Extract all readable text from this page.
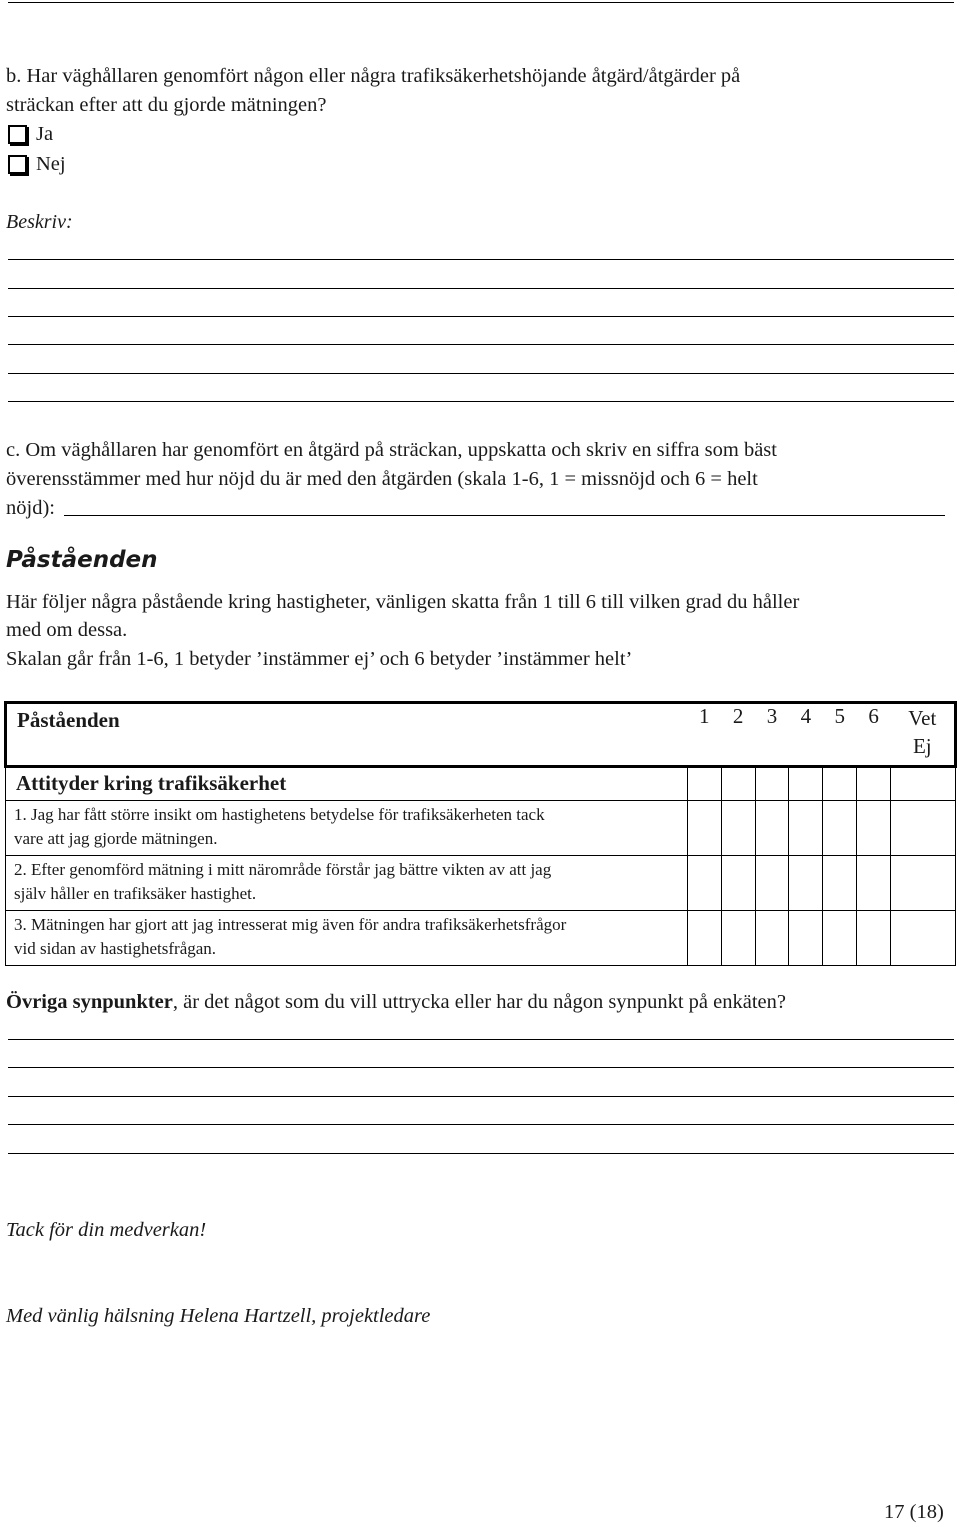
b. Har väghållaren genomfört någon eller några trafiksäkerhetshöjande åtgärd/åtgärder på
sträckan efter att du gjorde mätningen?
Ja
Nej
Beskriv:
c. Om väghållaren har genomfört en åtgärd på sträckan, uppskatta och skriv en siffra som bäst
överensstämmer med hur nöjd du är med den åtgärden (skala 1-6, 1 = missnöjd och 6 = helt
nöjd):
Påståenden
Här följer några påstående kring hastigheter, vänligen skatta från 1 till 6 till vilken grad du håller
med om dessa.
Skalan går från 1-6, 1 betyder ’instämmer ej’ och 6 betyder ’instämmer helt’
Påståenden	1	2	3	4	5	6	Vet
Ej

Attityder kring trafiksäkerhet							

1. Jag har fått större insikt om hastighetens betydelse för trafiksäkerheten tack
vare att jag gjorde mätningen.							

2. Efter genomförd mätning i mitt närområde förstår jag bättre vikten av att jag
själv håller en trafiksäker hastighet.							

3. Mätningen har gjort att jag intresserat mig även för andra trafiksäkerhetsfrågor
vid sidan av hastighetsfrågan.							

Övriga synpunkter, är det något som du vill uttrycka eller har du någon synpunkt på enkäten?
Tack för din medverkan!
Med vänlig hälsning Helena Hartzell, projektledare
17 (18)
